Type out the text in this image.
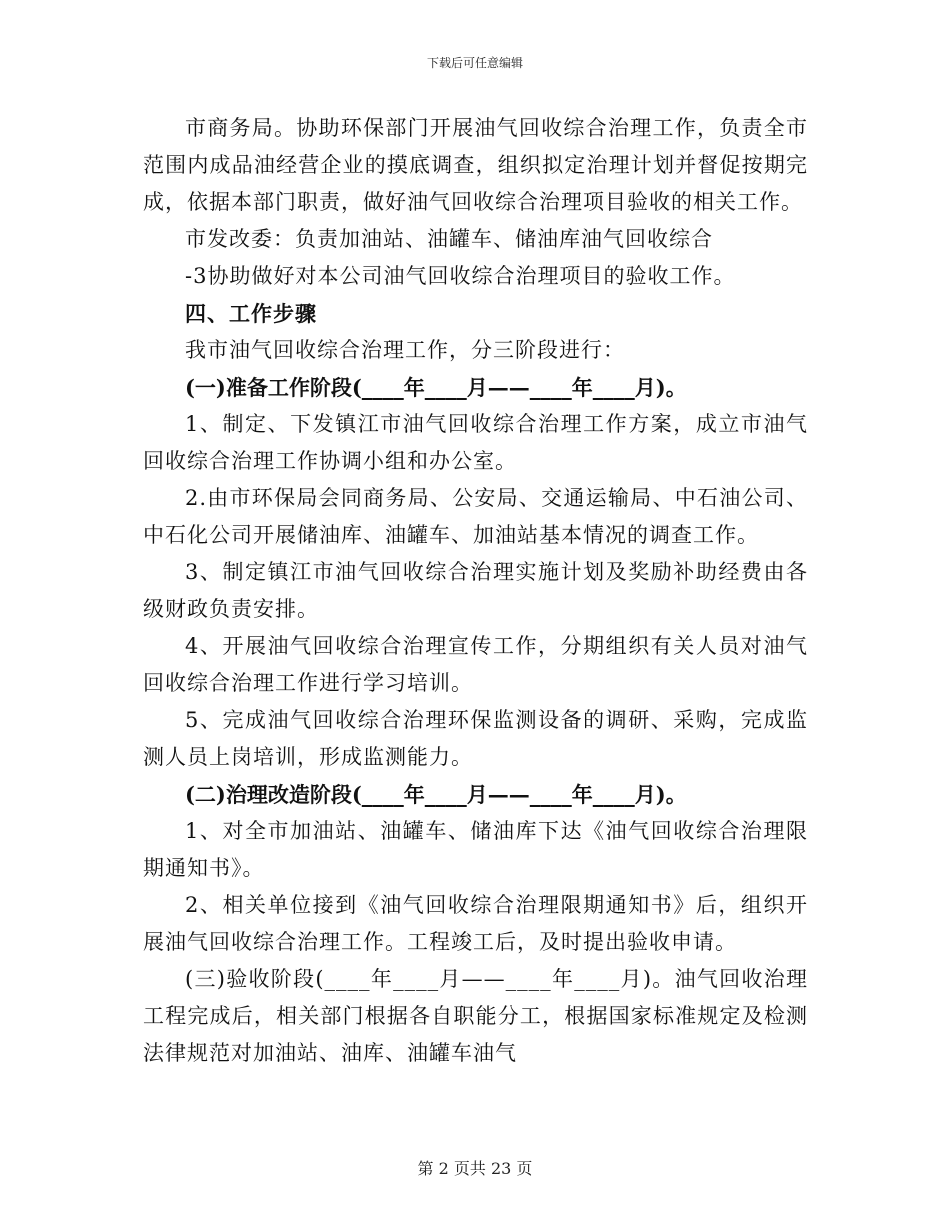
下载后可任意编辑

市商务局。协助环保部门开展油气回收综合治理工作，负责全市范围内成品油经营企业的摸底调查，组织拟定治理计划并督促按期完成，依据本部门职责，做好油气回收综合治理项目验收的相关工作。

市发改委：负责加油站、油罐车、储油库油气回收综合

-3协助做好对本公司油气回收综合治理项目的验收工作。

四、工作步骤

我市油气回收综合治理工作，分三阶段进行：

(一)准备工作阶段(____年____月——____年____月)。

1、制定、下发镇江市油气回收综合治理工作方案，成立市油气回收综合治理工作协调小组和办公室。

2.由市环保局会同商务局、公安局、交通运输局、中石油公司、中石化公司开展储油库、油罐车、加油站基本情况的调查工作。

3、制定镇江市油气回收综合治理实施计划及奖励补助经费由各级财政负责安排。

4、开展油气回收综合治理宣传工作，分期组织有关人员对油气回收综合治理工作进行学习培训。

5、完成油气回收综合治理环保监测设备的调研、采购，完成监测人员上岗培训，形成监测能力。

(二)治理改造阶段(____年____月——____年____月)。

1、对全市加油站、油罐车、储油库下达《油气回收综合治理限期通知书》。

2、相关单位接到《油气回收综合治理限期通知书》后，组织开展油气回收综合治理工作。工程竣工后，及时提出验收申请。

(三)验收阶段(____年____月——____年____月)。油气回收治理工程完成后，相关部门根据各自职能分工，根据国家标准规定及检测法律规范对加油站、油库、油罐车油气

第 2 页共 23 页
